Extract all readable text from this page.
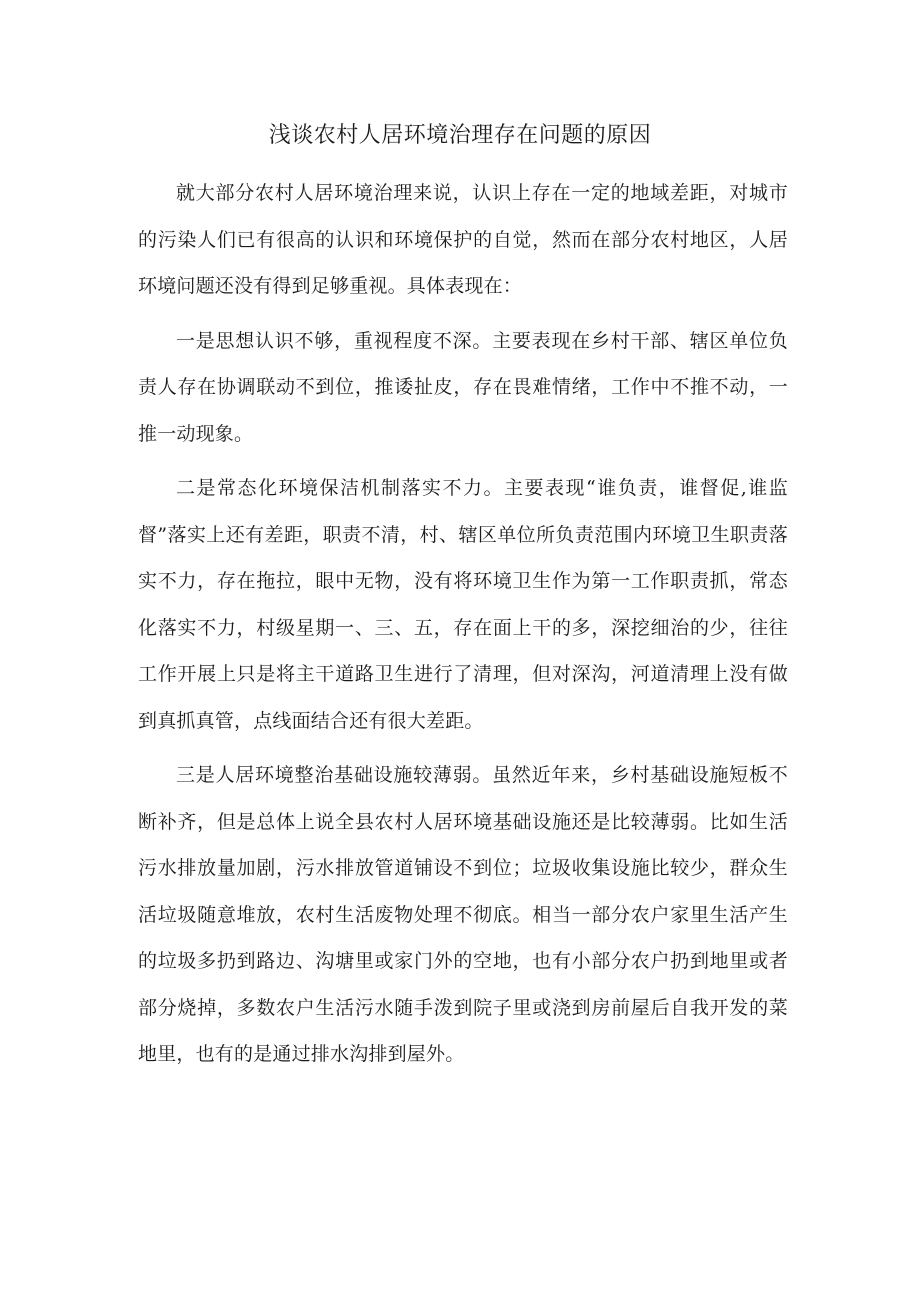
浅谈农村人居环境治理存在问题的原因

就大部分农村人居环境治理来说，认识上存在一定的地域差距，对城市的污染人们已有很高的认识和环境保护的自觉，然而在部分农村地区，人居环境问题还没有得到足够重视。具体表现在：

一是思想认识不够，重视程度不深。主要表现在乡村干部、辖区单位负责人存在协调联动不到位，推诿扯皮，存在畏难情绪，工作中不推不动，一推一动现象。

二是常态化环境保洁机制落实不力。主要表现“谁负责，谁督促,谁监督”落实上还有差距，职责不清，村、辖区单位所负责范围内环境卫生职责落实不力，存在拖拉，眼中无物，没有将环境卫生作为第一工作职责抓，常态化落实不力，村级星期一、三、五，存在面上干的多，深挖细治的少，往往工作开展上只是将主干道路卫生进行了清理，但对深沟，河道清理上没有做到真抓真管，点线面结合还有很大差距。

三是人居环境整治基础设施较薄弱。虽然近年来，乡村基础设施短板不断补齐，但是总体上说全县农村人居环境基础设施还是比较薄弱。比如生活污水排放量加剧，污水排放管道铺设不到位；垃圾收集设施比较少，群众生活垃圾随意堆放，农村生活废物处理不彻底。相当一部分农户家里生活产生的垃圾多扔到路边、沟塘里或家门外的空地，也有小部分农户扔到地里或者部分烧掉，多数农户生活污水随手泼到院子里或浇到房前屋后自我开发的菜地里，也有的是通过排水沟排到屋外。
